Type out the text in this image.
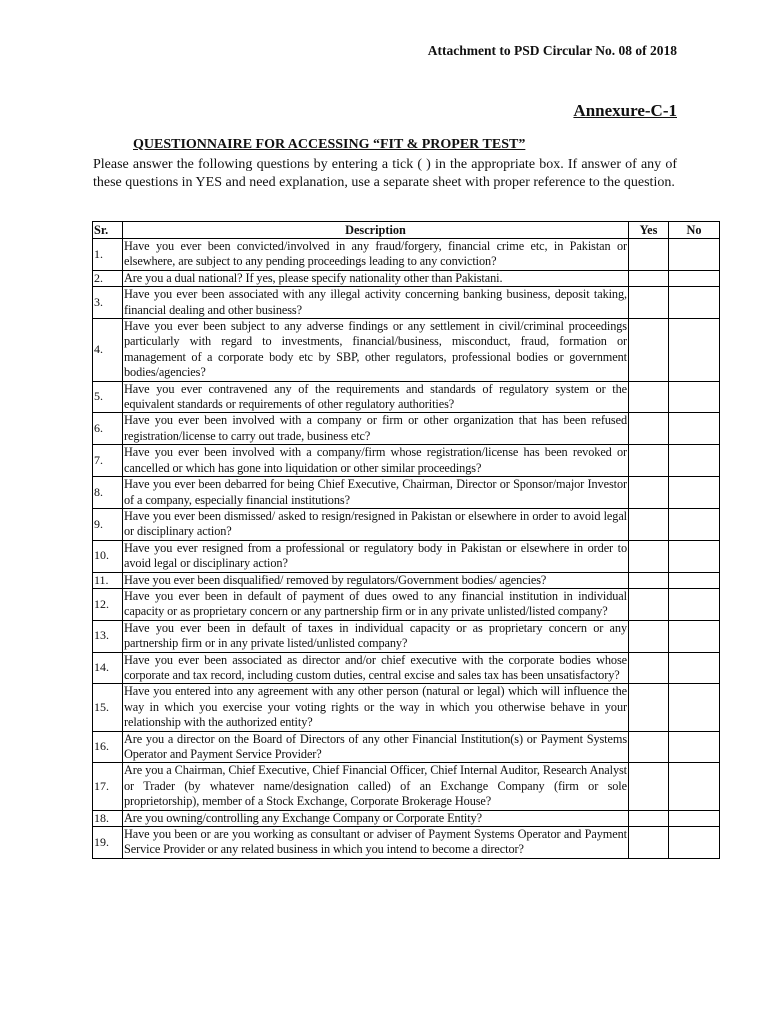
Attachment to PSD Circular No. 08 of 2018
Annexure-C-1
QUESTIONNAIRE FOR ACCESSING “FIT & PROPER TEST”
Please answer the following questions by entering a tick ( ) in the appropriate box. If answer of any of these questions in YES and need explanation, use a separate sheet with proper reference to the question.
Sr.	Description	Yes	No
1.	Have you ever been convicted/involved in any fraud/forgery, financial crime etc, in Pakistan or elsewhere, are subject to any pending proceedings leading to any conviction?		
2.	Are you a dual national? If yes, please specify nationality other than Pakistani.		
3.	Have you ever been associated with any illegal activity concerning banking business, deposit taking, financial dealing and other business?		
4.	Have you ever been subject to any adverse findings or any settlement in civil/criminal proceedings particularly with regard to investments, financial/business, misconduct, fraud, formation or management of a corporate body etc by SBP, other regulators, professional bodies or government bodies/agencies?		
5.	Have you ever contravened any of the requirements and standards of regulatory system or the equivalent standards or requirements of other regulatory authorities?		
6.	Have you ever been involved with a company or firm or other organization that has been refused registration/license to carry out trade, business etc?		
7.	Have you ever been involved with a company/firm whose registration/license has been revoked or cancelled or which has gone into liquidation or other similar proceedings?		
8.	Have you ever been debarred for being Chief Executive, Chairman, Director or Sponsor/major Investor of a company, especially financial institutions?		
9.	Have you ever been dismissed/ asked to resign/resigned in Pakistan or elsewhere in order to avoid legal or disciplinary action?		
10.	Have you ever resigned from a professional or regulatory body in Pakistan or elsewhere in order to avoid legal or disciplinary action?		
11.	Have you ever been disqualified/ removed by regulators/Government bodies/ agencies?		
12.	Have you ever been in default of payment of dues owed to any financial institution in individual capacity or as proprietary concern or any partnership firm or in any private unlisted/listed company?		
13.	Have you ever been in default of taxes in individual capacity or as proprietary concern or any partnership firm or in any private listed/unlisted company?		
14.	Have you ever been associated as director and/or chief executive with the corporate bodies whose corporate and tax record, including custom duties, central excise and sales tax has been unsatisfactory?		
15.	Have you entered into any agreement with any other person (natural or legal) which will influence the way in which you exercise your voting rights or the way in which you otherwise behave in your relationship with the authorized entity?		
16.	Are you a director on the Board of Directors of any other Financial Institution(s) or Payment Systems Operator and Payment Service Provider?		
17.	Are you a Chairman, Chief Executive, Chief Financial Officer, Chief Internal Auditor, Research Analyst or Trader (by whatever name/designation called) of an Exchange Company (firm or sole proprietorship), member of a Stock Exchange, Corporate Brokerage House?		
18.	Are you owning/controlling any Exchange Company or Corporate Entity?		
19.	Have you been or are you working as consultant or adviser of Payment Systems Operator and Payment Service Provider or any related business in which you intend to become a director?		
